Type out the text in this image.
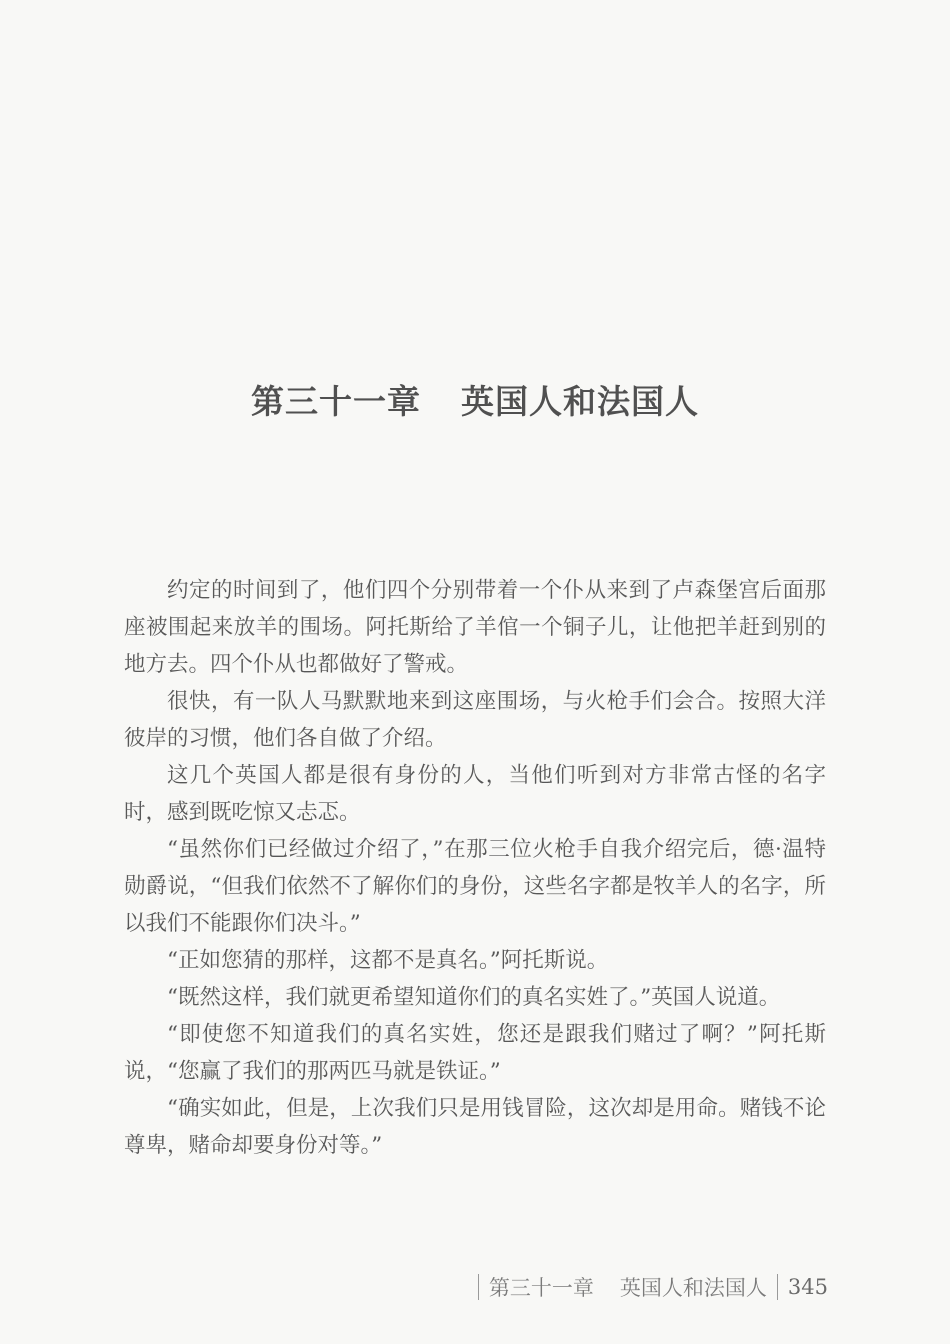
第三十一章 英国人和法国人

约定的时间到了，他们四个分别带着一个仆从来到了卢森堡宫后面那座被围起来放羊的围场。阿托斯给了羊倌一个铜子儿，让他把羊赶到别的地方去。四个仆从也都做好了警戒。

很快，有一队人马默默地来到这座围场，与火枪手们会合。按照大洋彼岸的习惯，他们各自做了介绍。

这几个英国人都是很有身份的人，当他们听到对方非常古怪的名字时，感到既吃惊又忐忑。

“虽然你们已经做过介绍了，”在那三位火枪手自我介绍完后，德·温特勋爵说，“但我们依然不了解你们的身份，这些名字都是牧羊人的名字，所以我们不能跟你们决斗。”

“正如您猜的那样，这都不是真名。”阿托斯说。

“既然这样，我们就更希望知道你们的真名实姓了。”英国人说道。

“即使您不知道我们的真名实姓，您还是跟我们赌过了啊？”阿托斯说，“您赢了我们的那两匹马就是铁证。”

“确实如此，但是，上次我们只是用钱冒险，这次却是用命。赌钱不论尊卑，赌命却要身份对等。”

第三十一章 英国人和法国人 345
